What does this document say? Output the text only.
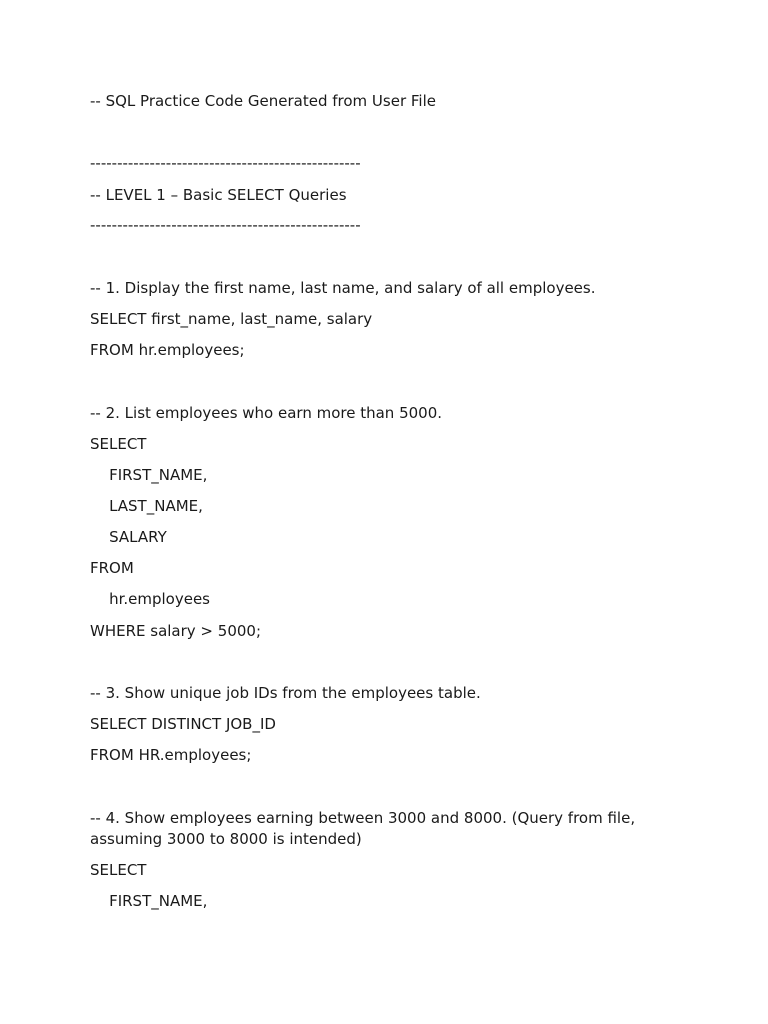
-- SQL Practice Code Generated from User File

--------------------------------------------------

-- LEVEL 1 – Basic SELECT Queries

--------------------------------------------------

-- 1. Display the first name, last name, and salary of all employees.

SELECT first_name, last_name, salary

FROM hr.employees;

-- 2. List employees who earn more than 5000.

SELECT

FIRST_NAME,

LAST_NAME,

SALARY

FROM

hr.employees

WHERE salary > 5000;

-- 3. Show unique job IDs from the employees table.

SELECT DISTINCT JOB_ID

FROM HR.employees;

-- 4. Show employees earning between 3000 and 8000. (Query from file, assuming 3000 to 8000 is intended)

SELECT

FIRST_NAME,
